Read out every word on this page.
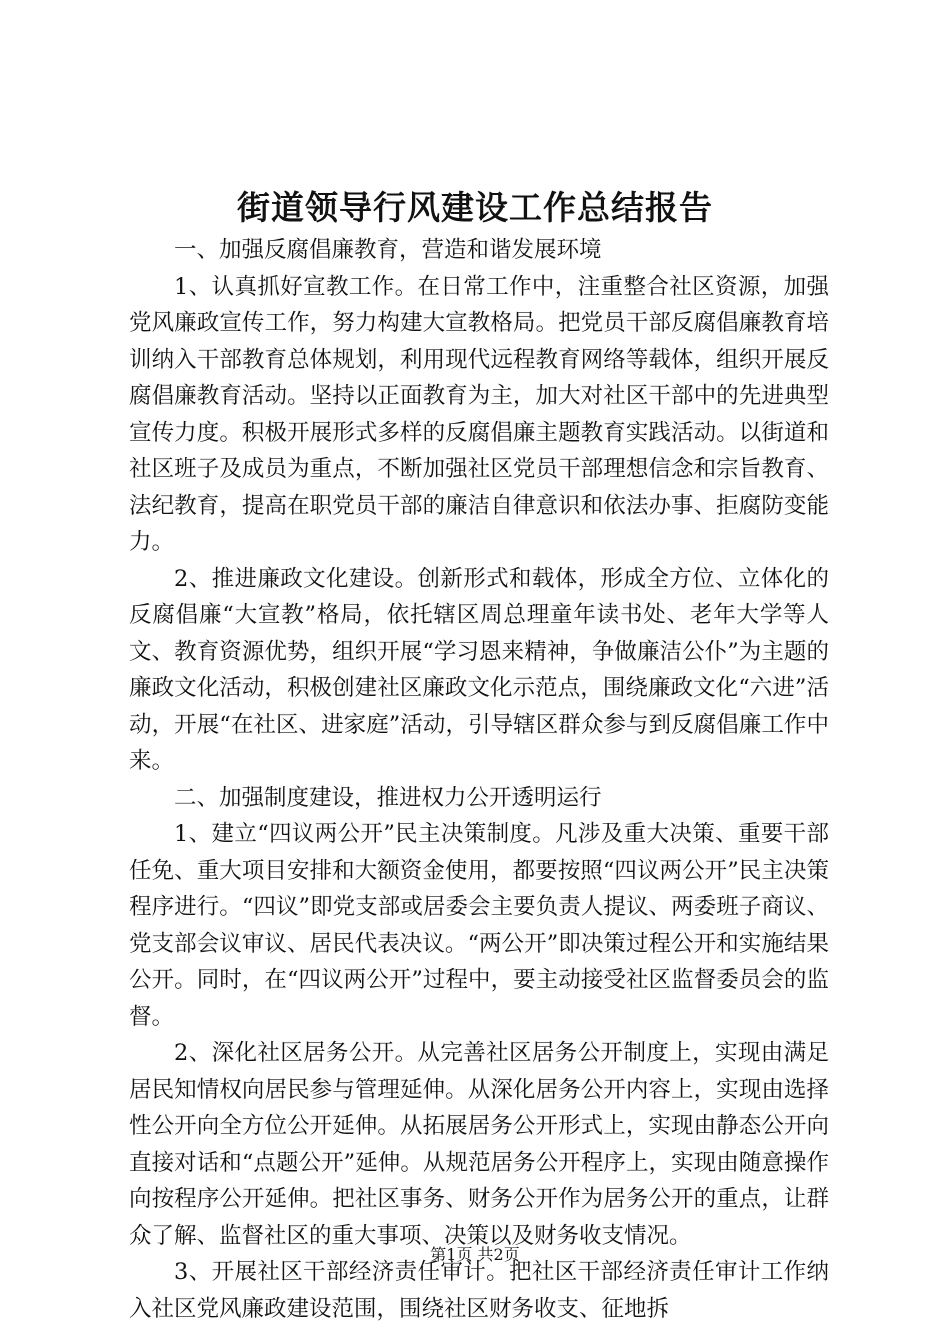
街道领导行风建设工作总结报告

一、加强反腐倡廉教育，营造和谐发展环境

1、认真抓好宣教工作。在日常工作中，注重整合社区资源，加强党风廉政宣传工作，努力构建大宣教格局。把党员干部反腐倡廉教育培训纳入干部教育总体规划，利用现代远程教育网络等载体，组织开展反腐倡廉教育活动。坚持以正面教育为主，加大对社区干部中的先进典型宣传力度。积极开展形式多样的反腐倡廉主题教育实践活动。以街道和社区班子及成员为重点，不断加强社区党员干部理想信念和宗旨教育、法纪教育，提高在职党员干部的廉洁自律意识和依法办事、拒腐防变能力。

2、推进廉政文化建设。创新形式和载体，形成全方位、立体化的反腐倡廉“大宣教”格局，依托辖区周总理童年读书处、老年大学等人文、教育资源优势，组织开展“学习恩来精神，争做廉洁公仆”为主题的廉政文化活动，积极创建社区廉政文化示范点，围绕廉政文化“六进”活动，开展“在社区、进家庭”活动，引导辖区群众参与到反腐倡廉工作中来。

二、加强制度建设，推进权力公开透明运行

1、建立“四议两公开”民主决策制度。凡涉及重大决策、重要干部任免、重大项目安排和大额资金使用，都要按照“四议两公开”民主决策程序进行。“四议”即党支部或居委会主要负责人提议、两委班子商议、党支部会议审议、居民代表决议。“两公开”即决策过程公开和实施结果公开。同时，在“四议两公开”过程中，要主动接受社区监督委员会的监督。

2、深化社区居务公开。从完善社区居务公开制度上，实现由满足居民知情权向居民参与管理延伸。从深化居务公开内容上，实现由选择性公开向全方位公开延伸。从拓展居务公开形式上，实现由静态公开向直接对话和“点题公开”延伸。从规范居务公开程序上，实现由随意操作向按程序公开延伸。把社区事务、财务公开作为居务公开的重点，让群众了解、监督社区的重大事项、决策以及财务收支情况。

3、开展社区干部经济责任审计。把社区干部经济责任审计工作纳入社区党风廉政建设范围，围绕社区财务收支、征地拆

第1页 共2页
